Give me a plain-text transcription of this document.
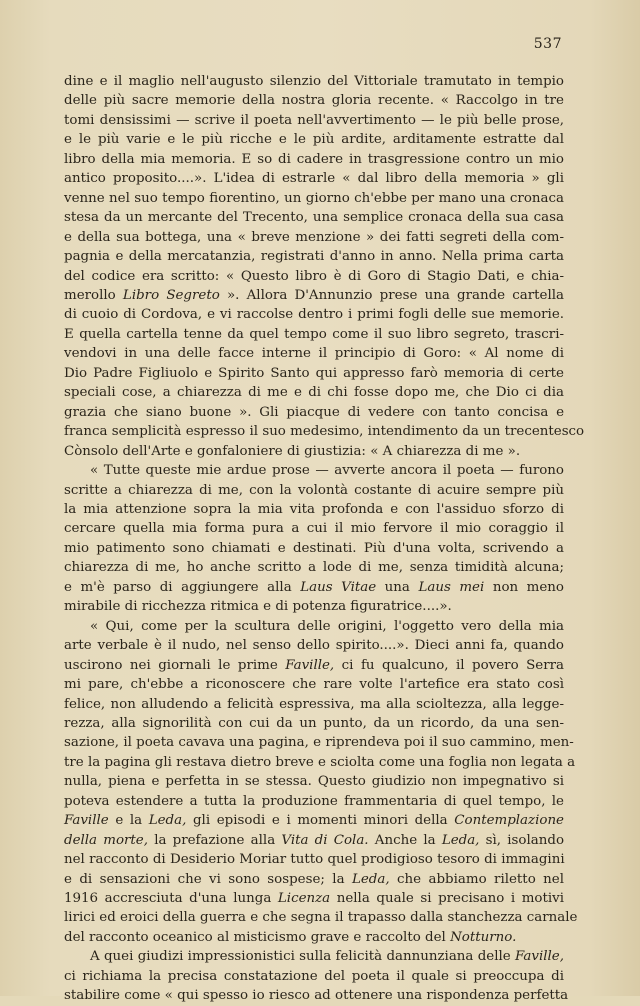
537
dine e il maglio nell'augusto silenzio del Vittoriale tramutato in tempio
delle più sacre memorie della nostra gloria recente. « Raccolgo in tre
tomi densissimi — scrive il poeta nell'avvertimento — le più belle prose,
e le più varie e le più ricche e le più ardite, arditamente estratte dal
libro della mia memoria. E so di cadere in trasgressione contro un mio
antico proposito....». L'idea di estrarle « dal libro della memoria » gli
venne nel suo tempo fiorentino, un giorno ch'ebbe per mano una cronaca
stesa da un mercante del Trecento, una semplice cronaca della sua casa
e della sua bottega, una « breve menzione » dei fatti segreti della com-
pagnia e della mercatanzia, registrati d'anno in anno. Nella prima carta
del codice era scritto: « Questo libro è di Goro di Stagio Dati, e chia-
merollo Libro Segreto ». Allora D'Annunzio prese una grande cartella
di cuoio di Cordova, e vi raccolse dentro i primi fogli delle sue memorie.
E quella cartella tenne da quel tempo come il suo libro segreto, trascri-
vendovi in una delle facce interne il principio di Goro: « Al nome di
Dio Padre Figliuolo e Spirito Santo qui appresso farò memoria di certe
speciali cose, a chiarezza di me e di chi fosse dopo me, che Dio ci dia
grazia che siano buone ». Gli piacque di vedere con tanto concisa e
franca semplicità espresso il suo medesimo, intendimento da un trecentesco
Cònsolo dell'Arte e gonfaloniere di giustizia: « A chiarezza di me ».
« Tutte queste mie ardue prose — avverte ancora il poeta — furono
scritte a chiarezza di me, con la volontà costante di acuire sempre più
la mia attenzione sopra la mia vita profonda e con l'assiduo sforzo di
cercare quella mia forma pura a cui il mio fervore il mio coraggio il
mio patimento sono chiamati e destinati. Più d'una volta, scrivendo a
chiarezza di me, ho anche scritto a lode di me, senza timidità alcuna;
e m'è parso di aggiungere alla Laus Vitae una Laus mei non meno
mirabile di ricchezza ritmica e di potenza figuratrice....».
« Qui, come per la scultura delle origini, l'oggetto vero della mia
arte verbale è il nudo, nel senso dello spirito....». Dieci anni fa, quando
uscirono nei giornali le prime Faville, ci fu qualcuno, il povero Serra
mi pare, ch'ebbe a riconoscere che rare volte l'artefice era stato così
felice, non alludendo a felicità espressiva, ma alla scioltezza, alla legge-
rezza, alla signorilità con cui da un punto, da un ricordo, da una sen-
sazione, il poeta cavava una pagina, e riprendeva poi il suo cammino, men-
tre la pagina gli restava dietro breve e sciolta come una foglia non legata a
nulla, piena e perfetta in se stessa. Questo giudizio non impegnativo si
poteva estendere a tutta la produzione frammentaria di quel tempo, le
Faville e la Leda, gli episodi e i momenti minori della Contemplazione
della morte, la prefazione alla Vita di Cola. Anche la Leda, sì, isolando
nel racconto di Desiderio Moriar tutto quel prodigioso tesoro di immagini
e di sensazioni che vi sono sospese; la Leda, che abbiamo riletto nel
1916 accresciuta d'una lunga Licenza nella quale si precisano i motivi
lirici ed eroici della guerra e che segna il trapasso dalla stanchezza carnale
del racconto oceanico al misticismo grave e raccolto del Notturno.
A quei giudizi impressionistici sulla felicità dannunziana delle Faville,
ci richiama la precisa constatazione del poeta il quale si preoccupa di
stabilire come « qui spesso io riesco ad ottenere una rispondenza perfetta
